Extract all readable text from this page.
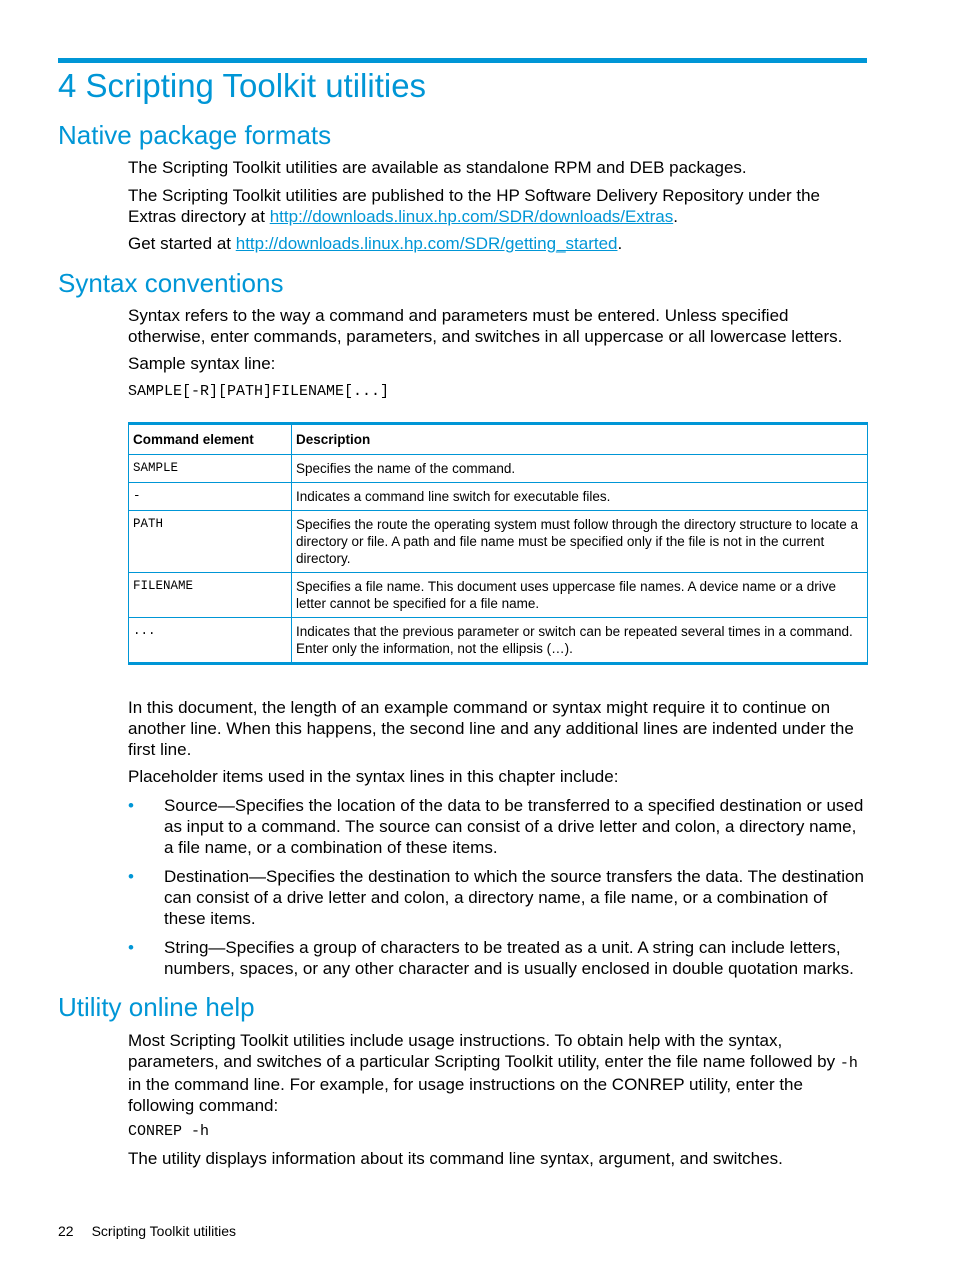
4 Scripting Toolkit utilities
Native package formats

The Scripting Toolkit utilities are available as standalone RPM and DEB packages.

The Scripting Toolkit utilities are published to the HP Software Delivery Repository under the Extras directory at http://downloads.linux.hp.com/SDR/downloads/Extras.

Get started at http://downloads.linux.hp.com/SDR/getting_started.

Syntax conventions

Syntax refers to the way a command and parameters must be entered. Unless specified otherwise, enter commands, parameters, and switches in all uppercase or all lowercase letters.

Sample syntax line:

SAMPLE[-R][PATH]FILENAME[...]

Command element	Description
SAMPLE	Specifies the name of the command.
-	Indicates a command line switch for executable files.
PATH	Specifies the route the operating system must follow through the directory structure to locate a directory or file. A path and file name must be specified only if the file is not in the current directory.
FILENAME	Specifies a file name. This document uses uppercase file names. A device name or a drive letter cannot be specified for a file name.
...	Indicates that the previous parameter or switch can be repeated several times in a command. Enter only the information, not the ellipsis (…).

In this document, the length of an example command or syntax might require it to continue on another line. When this happens, the second line and any additional lines are indented under the first line.

Placeholder items used in the syntax lines in this chapter include:

• Source—Specifies the location of the data to be transferred to a specified destination or used as input to a command. The source can consist of a drive letter and colon, a directory name, a file name, or a combination of these items.
• Destination—Specifies the destination to which the source transfers the data. The destination can consist of a drive letter and colon, a directory name, a file name, or a combination of these items.
• String—Specifies a group of characters to be treated as a unit. A string can include letters, numbers, spaces, or any other character and is usually enclosed in double quotation marks.
Utility online help

Most Scripting Toolkit utilities include usage instructions. To obtain help with the syntax, parameters, and switches of a particular Scripting Toolkit utility, enter the file name followed by -h in the command line. For example, for usage instructions on the CONREP utility, enter the following command:

CONREP -h

The utility displays information about its command line syntax, argument, and switches.

22 Scripting Toolkit utilities
